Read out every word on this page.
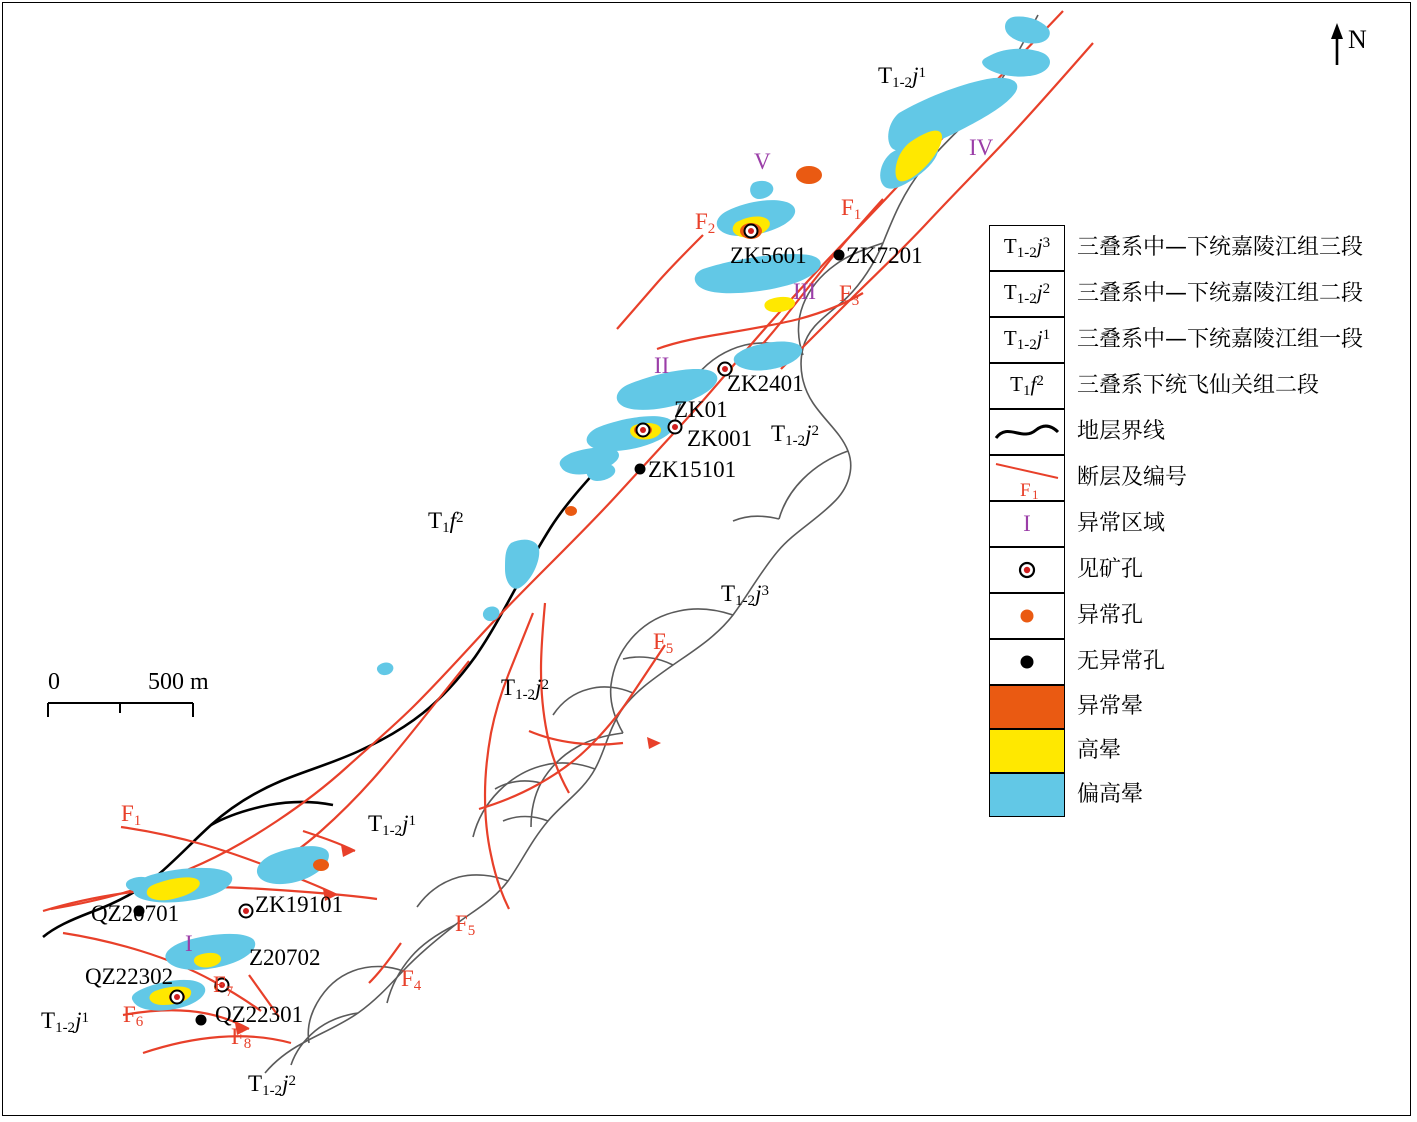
N
0	500 m
$T_{1-2}j^1$
$T_{1-2}j^2$
$T_1f^2$
$T_{1-2}j^3$
$T_{1-2}j^2$
$T_{1-2}j^1$
$T_{1-2}j^1$
$T_{1-2}j^2$
$F_1$
$F_2$
$F_3$
$F_5$
$F_5$
$F_1$
$F_4$
$F_7$
$F_6$
$F_8$
V
IV
III
II
I
ZK5601 ZK7201
ZK2401
ZK01
ZK001
ZK15101
ZK19101
QZ20701
Z20702
QZ22302
QZ22301
$T_{1-2}j^3$ 三叠系中—下统嘉陵江组三段
$T_{1-2}j^2$ 三叠系中—下统嘉陵江组二段
$T_{1-2}j^1$ 三叠系中—下统嘉陵江组一段
$T_1f^2$ 三叠系下统飞仙关组二段
地层界线
F 1
断层及编号
I 异常区域
见矿孔
异常孔
无异常孔
异常晕
高晕
偏高晕
